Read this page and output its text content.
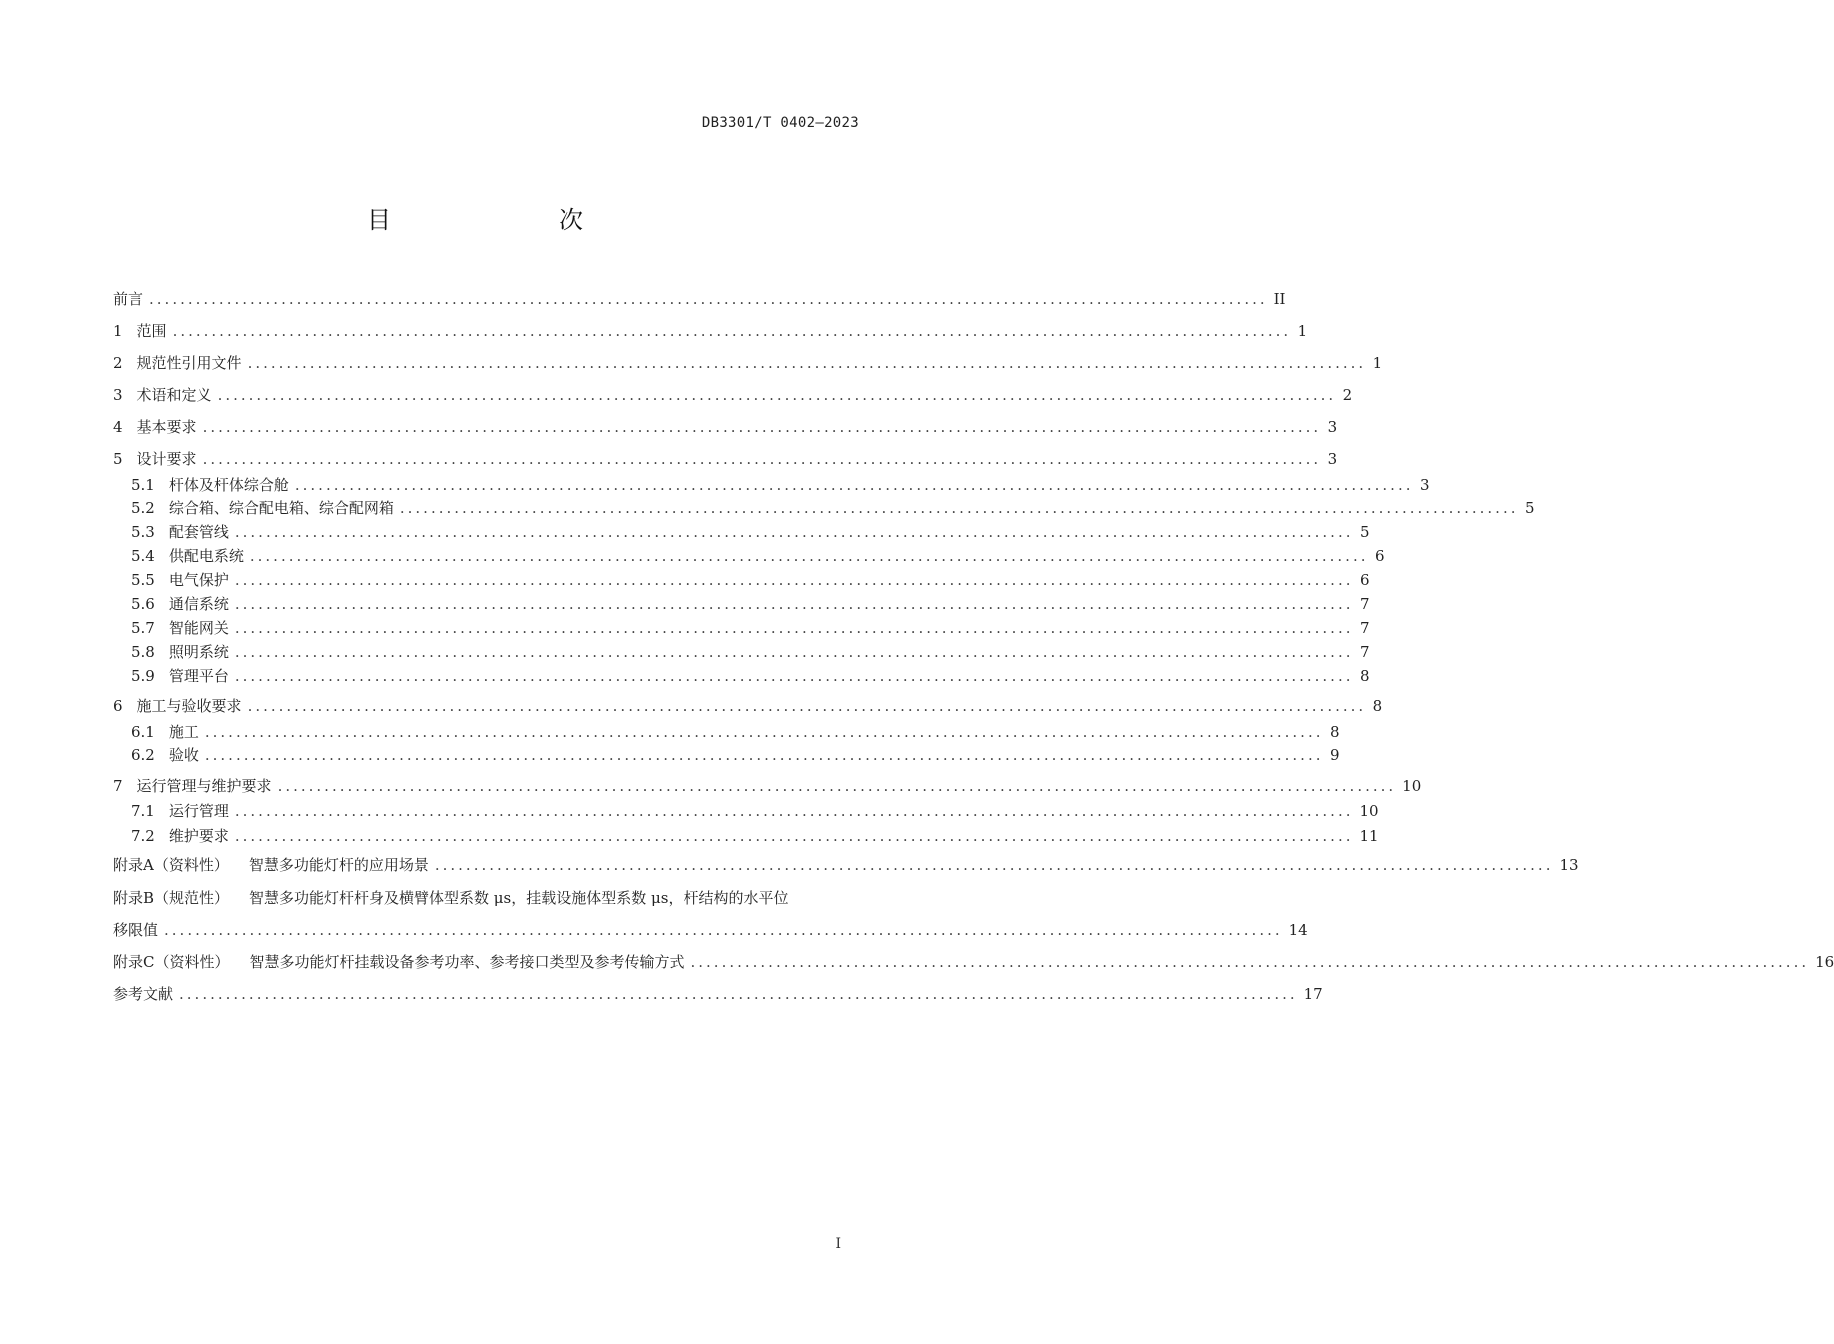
DB3301/T 0402—2023
目　　次
前言 ................................................................................................................................................ II
1 范围 ................................................................................................................................................ 1
2 规范性引用文件 ................................................................................................................................................ 1
3 术语和定义 ................................................................................................................................................ 2
4 基本要求 ................................................................................................................................................ 3
5 设计要求 ................................................................................................................................................ 3
5.1 杆体及杆体综合舱 ................................................................................................................................................ 3
5.2 综合箱、综合配电箱、综合配网箱 ................................................................................................................................................ 5
5.3 配套管线 ................................................................................................................................................ 5
5.4 供配电系统 ................................................................................................................................................ 6
5.5 电气保护 ................................................................................................................................................ 6
5.6 通信系统 ................................................................................................................................................ 7
5.7 智能网关 ................................................................................................................................................ 7
5.8 照明系统 ................................................................................................................................................ 7
5.9 管理平台 ................................................................................................................................................ 8
6 施工与验收要求 ................................................................................................................................................ 8
6.1 施工 ................................................................................................................................................ 8
6.2 验收 ................................................................................................................................................ 9
7 运行管理与维护要求 ................................................................................................................................................ 10
7.1 运行管理 ................................................................................................................................................ 10
7.2 维护要求 ................................................................................................................................................ 11
附录A（资料性） 智慧多功能灯杆的应用场景 ................................................................................................................................................ 13
附录B（规范性） 智慧多功能灯杆杆身及横臂体型系数 μs，挂载设施体型系数 μs，杆结构的水平位
移限值 ................................................................................................................................................ 14
附录C（资料性） 智慧多功能灯杆挂载设备参考功率、参考接口类型及参考传输方式 ................................................................................................................................................ 16
参考文献 ................................................................................................................................................ 17
I
